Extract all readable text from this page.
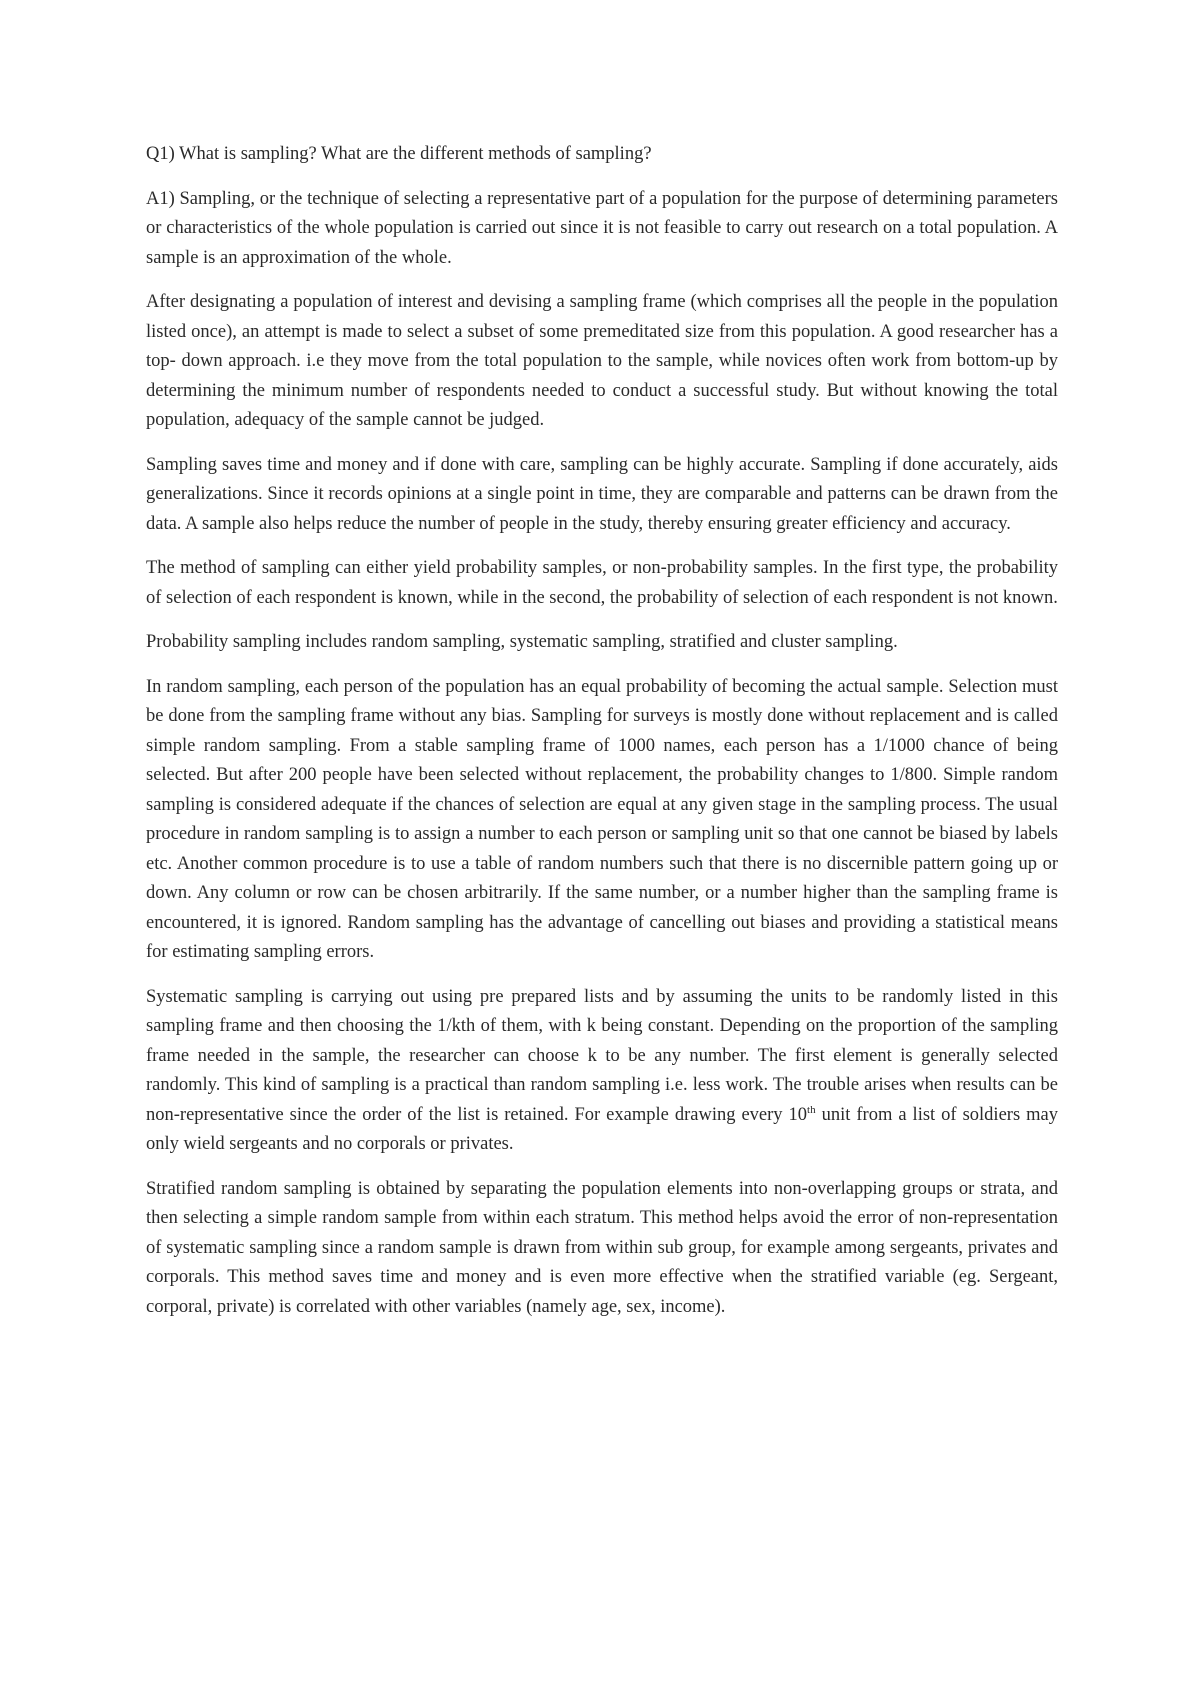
Q1) What is sampling? What are the different methods of sampling?

A1) Sampling, or the technique of selecting a representative part of a population for the purpose of determining parameters or characteristics of the whole population is carried out since it is not feasible to carry out research on a total population. A sample is an approximation of the whole.

After designating a population of interest and devising a sampling frame (which comprises all the people in the population listed once), an attempt is made to select a subset of some premeditated size from this population. A good researcher has a top- down approach. i.e they move from the total population to the sample, while novices often work from bottom-up by determining the minimum number of respondents needed to conduct a successful study. But without knowing the total population, adequacy of the sample cannot be judged.

Sampling saves time and money and if done with care, sampling can be highly accurate. Sampling if done accurately, aids generalizations. Since it records opinions at a single point in time, they are comparable and patterns can be drawn from the data. A sample also helps reduce the number of people in the study, thereby ensuring greater efficiency and accuracy.

The method of sampling can either yield probability samples, or non-probability samples. In the first type, the probability of selection of each respondent is known, while in the second, the probability of selection of each respondent is not known.

Probability sampling includes random sampling, systematic sampling, stratified and cluster sampling.

In random sampling, each person of the population has an equal probability of becoming the actual sample. Selection must be done from the sampling frame without any bias. Sampling for surveys is mostly done without replacement and is called simple random sampling. From a stable sampling frame of 1000 names, each person has a 1/1000 chance of being selected. But after 200 people have been selected without replacement, the probability changes to 1/800. Simple random sampling is considered adequate if the chances of selection are equal at any given stage in the sampling process. The usual procedure in random sampling is to assign a number to each person or sampling unit so that one cannot be biased by labels etc. Another common procedure is to use a table of random numbers such that there is no discernible pattern going up or down. Any column or row can be chosen arbitrarily. If the same number, or a number higher than the sampling frame is encountered, it is ignored. Random sampling has the advantage of cancelling out biases and providing a statistical means for estimating sampling errors.

Systematic sampling is carrying out using pre prepared lists and by assuming the units to be randomly listed in this sampling frame and then choosing the 1/kth of them, with k being constant. Depending on the proportion of the sampling frame needed in the sample, the researcher can choose k to be any number. The first element is generally selected randomly. This kind of sampling is a practical than random sampling i.e. less work. The trouble arises when results can be non-representative since the order of the list is retained. For example drawing every 10th unit from a list of soldiers may only wield sergeants and no corporals or privates.

Stratified random sampling is obtained by separating the population elements into non-overlapping groups or strata, and then selecting a simple random sample from within each stratum. This method helps avoid the error of non-representation of systematic sampling since a random sample is drawn from within sub group, for example among sergeants, privates and corporals. This method saves time and money and is even more effective when the stratified variable (eg. Sergeant, corporal, private) is correlated with other variables (namely age, sex, income).
